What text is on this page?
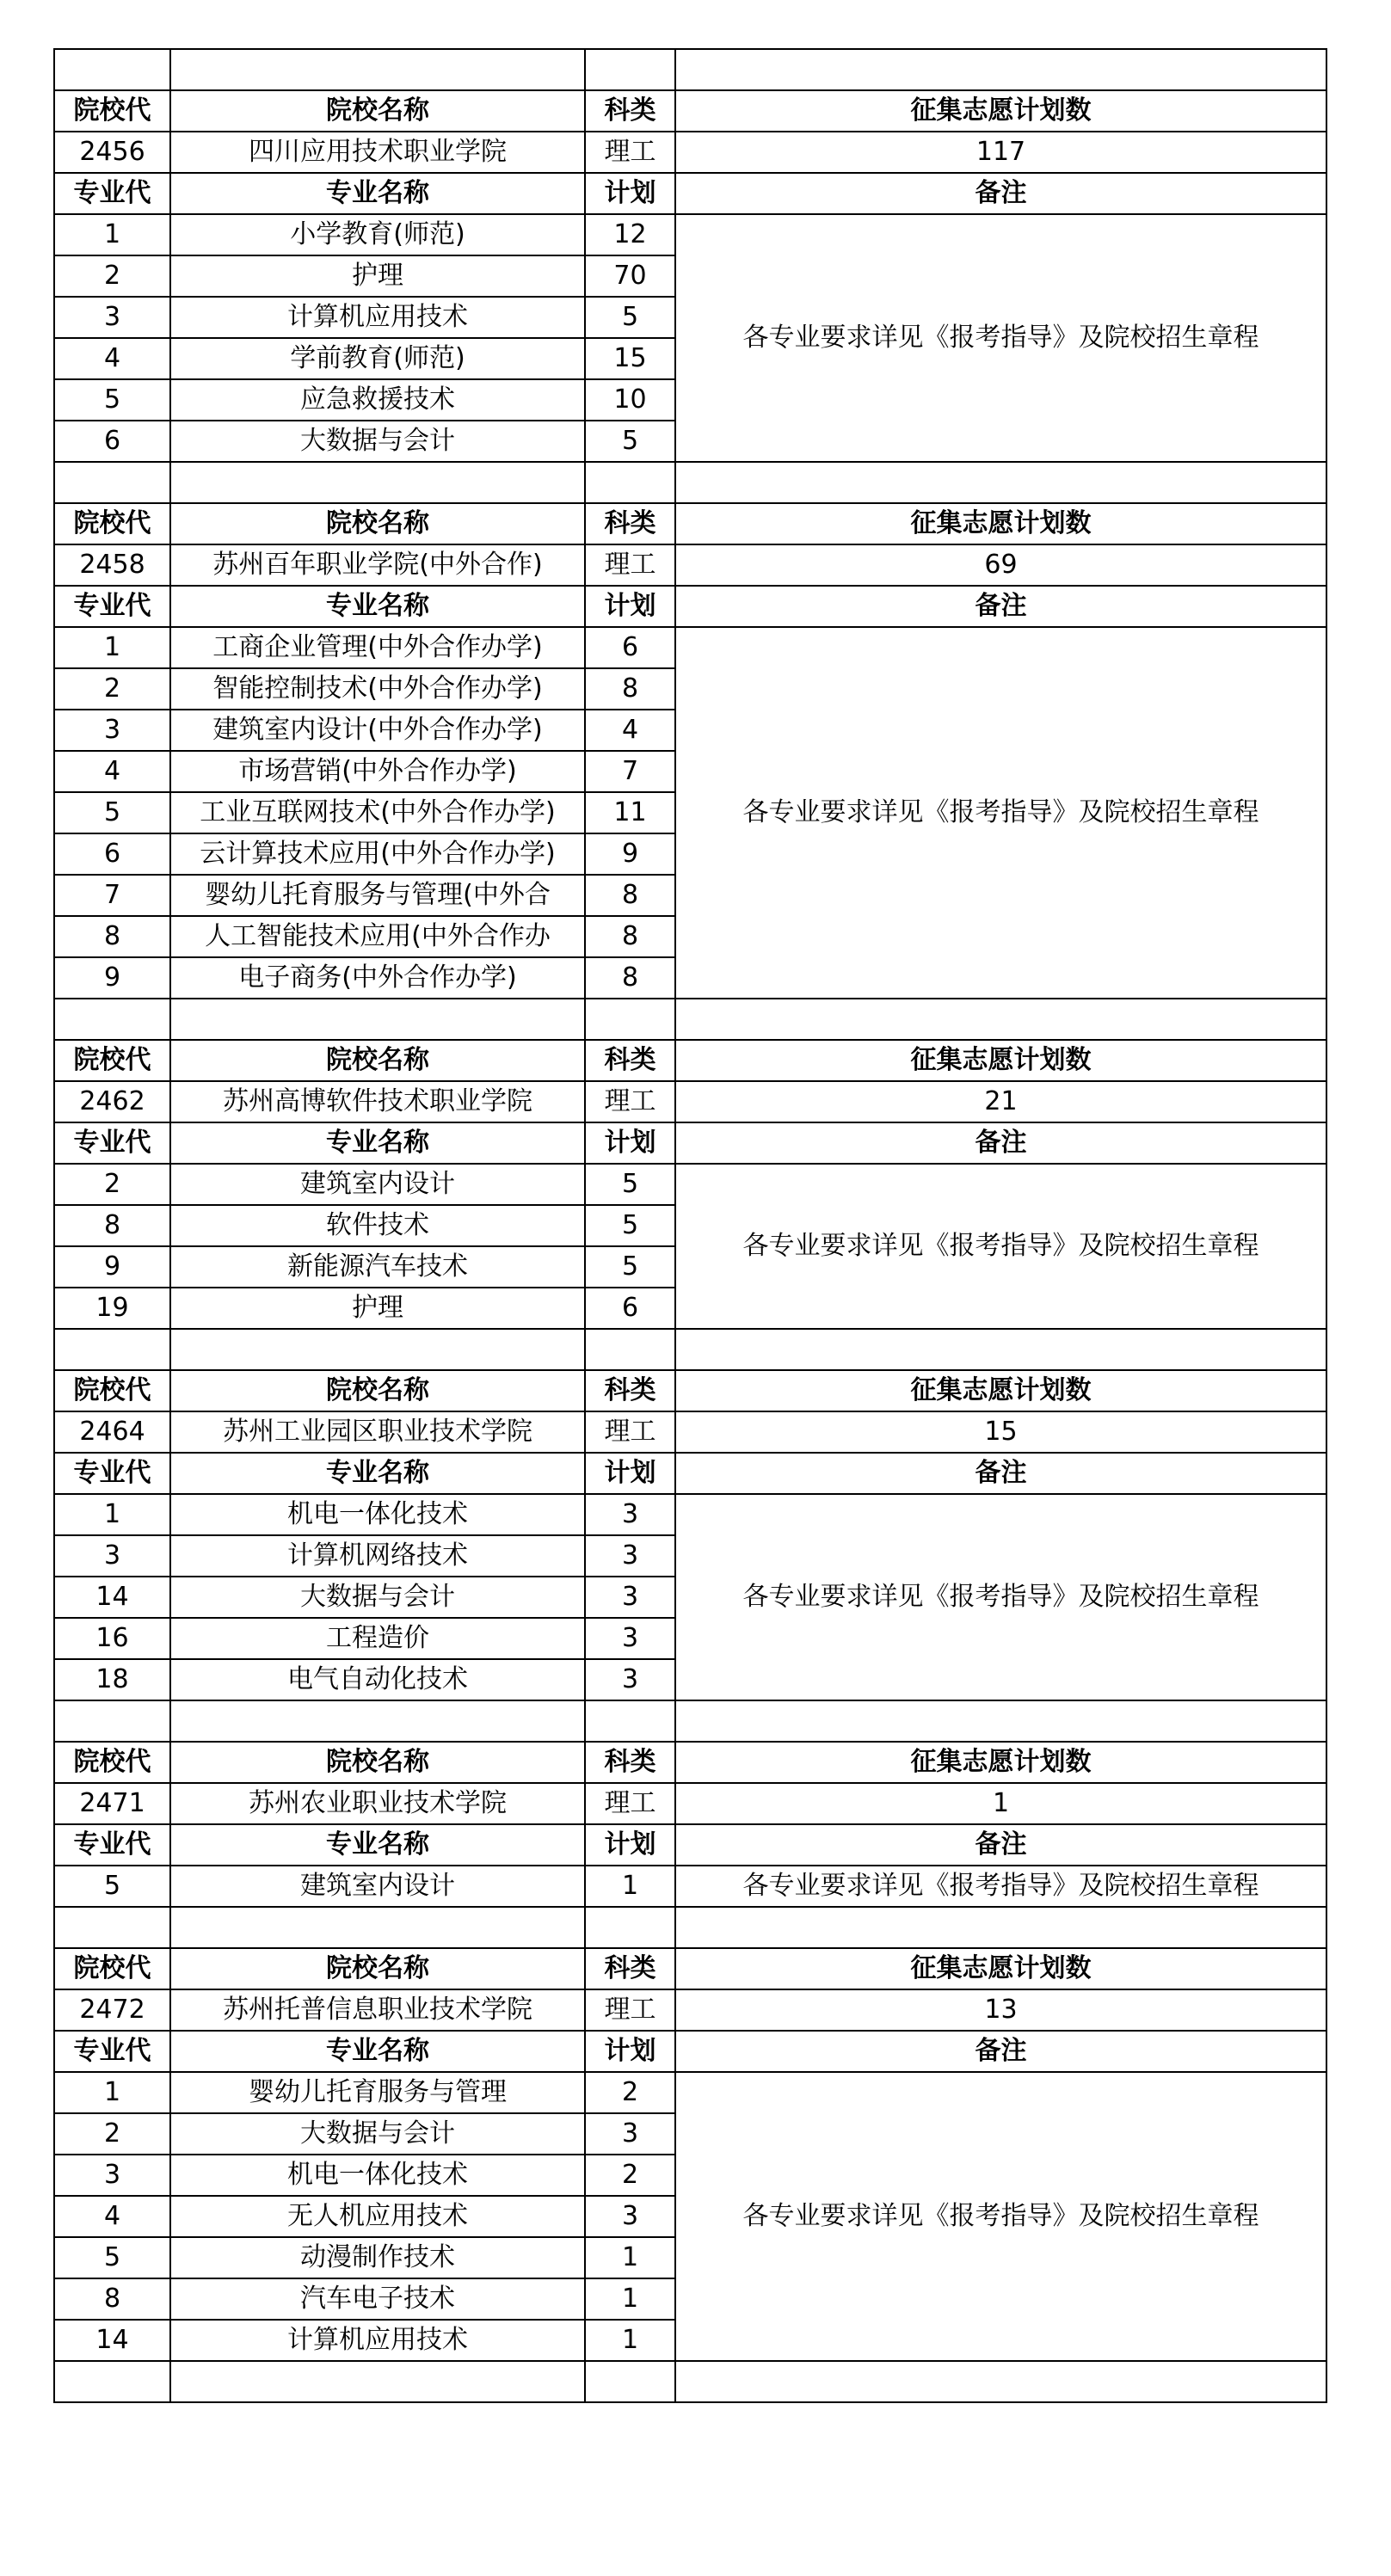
院校代	院校名称	科类	征集志愿计划数
2456	四川应用技术职业学院	理工	117
专业代	专业名称	计划	备注
1	小学教育(师范)	12	各专业要求详见《报考指导》及院校招生章程
2	护理	70	
3	计算机应用技术	5	
4	学前教育(师范)	15	
5	应急救援技术	10	
6	大数据与会计	5	

院校代	院校名称	科类	征集志愿计划数
2458	苏州百年职业学院(中外合作)	理工	69
专业代	专业名称	计划	备注
1	工商企业管理(中外合作办学)	6	各专业要求详见《报考指导》及院校招生章程
2	智能控制技术(中外合作办学)	8	
3	建筑室内设计(中外合作办学)	4	
4	市场营销(中外合作办学)	7	
5	工业互联网技术(中外合作办学)	11	
6	云计算技术应用(中外合作办学)	9	
7	婴幼儿托育服务与管理(中外合	8	
8	人工智能技术应用(中外合作办	8	
9	电子商务(中外合作办学)	8	

院校代	院校名称	科类	征集志愿计划数
2462	苏州高博软件技术职业学院	理工	21
专业代	专业名称	计划	备注
2	建筑室内设计	5	各专业要求详见《报考指导》及院校招生章程
8	软件技术	5	
9	新能源汽车技术	5	
19	护理	6	

院校代	院校名称	科类	征集志愿计划数
2464	苏州工业园区职业技术学院	理工	15
专业代	专业名称	计划	备注
1	机电一体化技术	3	各专业要求详见《报考指导》及院校招生章程
3	计算机网络技术	3	
14	大数据与会计	3	
16	工程造价	3	
18	电气自动化技术	3	

院校代	院校名称	科类	征集志愿计划数
2471	苏州农业职业技术学院	理工	1
专业代	专业名称	计划	备注
5	建筑室内设计	1	各专业要求详见《报考指导》及院校招生章程

院校代	院校名称	科类	征集志愿计划数
2472	苏州托普信息职业技术学院	理工	13
专业代	专业名称	计划	备注
1	婴幼儿托育服务与管理	2	各专业要求详见《报考指导》及院校招生章程
2	大数据与会计	3	
3	机电一体化技术	2	
4	无人机应用技术	3	
5	动漫制作技术	1	
8	汽车电子技术	1	
14	计算机应用技术	1	
